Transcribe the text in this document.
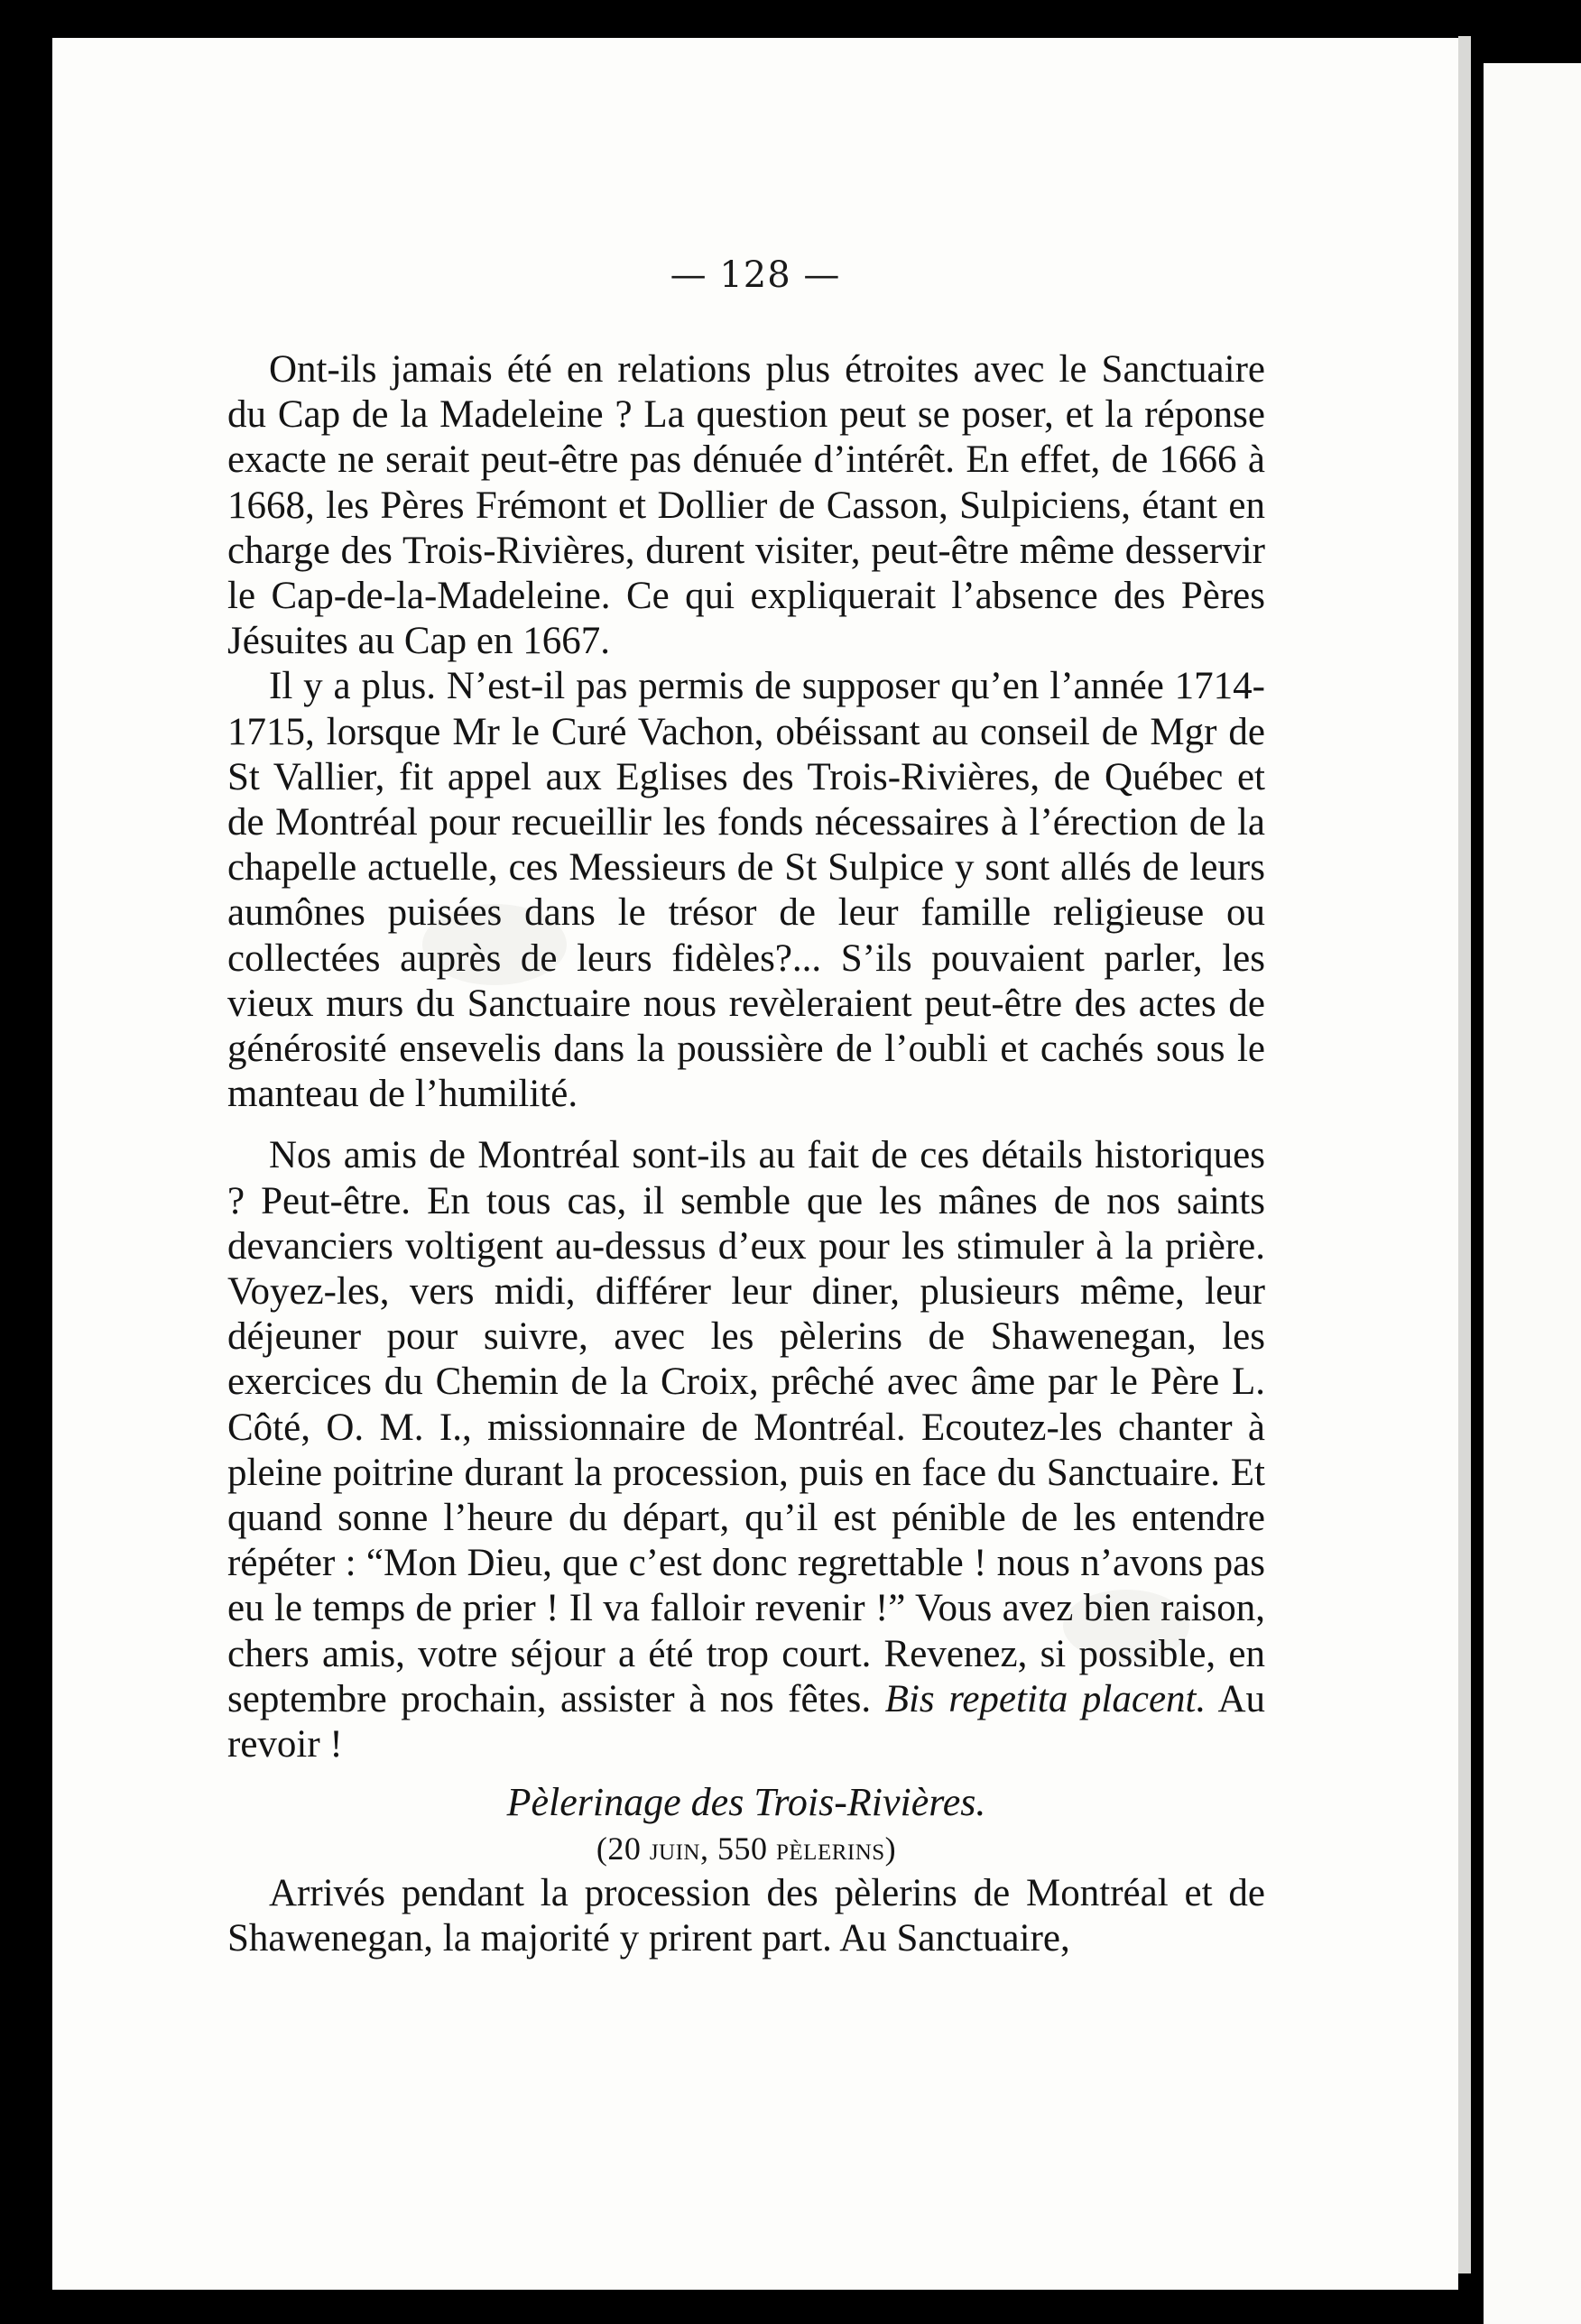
— 128 —

Ont-ils jamais été en relations plus étroites avec le Sanctuaire du Cap de la Madeleine ? La question peut se poser, et la réponse exacte ne serait peut-être pas dénuée d’intérêt. En effet, de 1666 à 1668, les Pères Frémont et Dollier de Casson, Sulpiciens, étant en charge des Trois-Rivières, durent visiter, peut-être même desservir le Cap-de-la-Madeleine. Ce qui expliquerait l’absence des Pères Jésuites au Cap en 1667.

Il y a plus. N’est-il pas permis de supposer qu’en l’année 1714-1715, lorsque Mr le Curé Vachon, obéissant au conseil de Mgr de St Vallier, fit appel aux Eglises des Trois-Rivières, de Québec et de Montréal pour recueillir les fonds nécessaires à l’érection de la chapelle actuelle, ces Messieurs de St Sulpice y sont allés de leurs aumônes puisées dans le trésor de leur famille religieuse ou collectées auprès de leurs fidèles?... S’ils pouvaient parler, les vieux murs du Sanctuaire nous revèleraient peut-être des actes de générosité ensevelis dans la poussière de l’oubli et cachés sous le manteau de l’humilité.

Nos amis de Montréal sont-ils au fait de ces détails historiques ? Peut-être. En tous cas, il semble que les mânes de nos saints devanciers voltigent au-dessus d’eux pour les stimuler à la prière. Voyez-les, vers midi, différer leur diner, plusieurs même, leur déjeuner pour suivre, avec les pèlerins de Shawenegan, les exercices du Chemin de la Croix, prêché avec âme par le Père L. Côté, O. M. I., missionnaire de Montréal. Ecoutez-les chanter à pleine poitrine durant la procession, puis en face du Sanctuaire. Et quand sonne l’heure du départ, qu’il est pénible de les entendre répéter : “Mon Dieu, que c’est donc regrettable ! nous n’avons pas eu le temps de prier ! Il va falloir revenir !” Vous avez bien raison, chers amis, votre séjour a été trop court. Revenez, si possible, en septembre prochain, assister à nos fêtes. Bis repetita placent. Au revoir !

Pèlerinage des Trois-Rivières.

(20 juin, 550 pèlerins)

Arrivés pendant la procession des pèlerins de Montréal et de Shawenegan, la majorité y prirent part. Au Sanctuaire,
